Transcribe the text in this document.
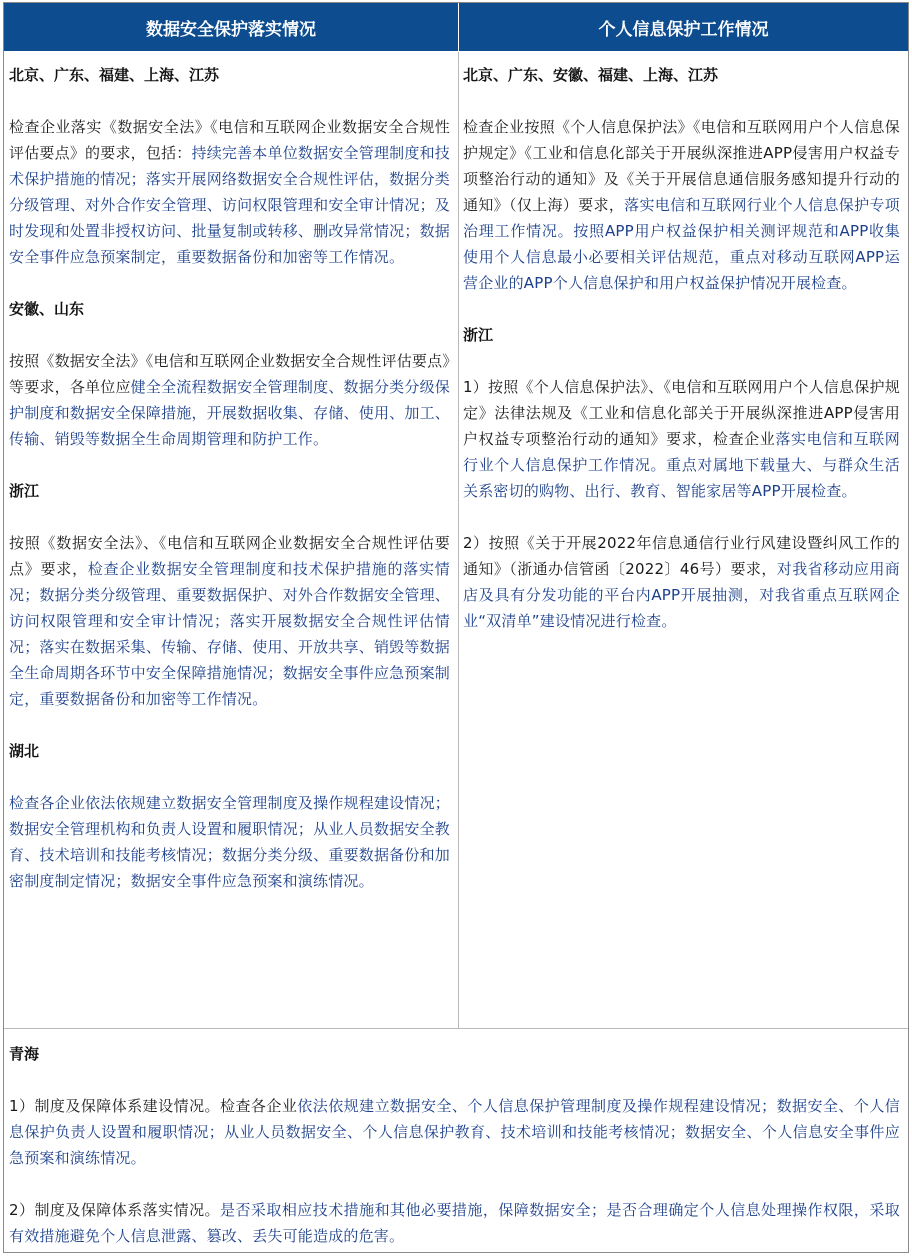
数据安全保护落实情况	个人信息保护工作情况
北京、广东、福建、上海、江苏
检查企业落实《数据安全法》《电信和互联网企业数据安全合规性评估要点》的要求，包括：持续完善本单位数据安全管理制度和技术保护措施的情况；落实开展网络数据安全合规性评估，数据分类分级管理、对外合作安全管理、访问权限管理和安全审计情况；及时发现和处置非授权访问、批量复制或转移、删改异常情况；数据安全事件应急预案制定，重要数据备份和加密等工作情况。
安徽、山东
按照《数据安全法》《电信和互联网企业数据安全合规性评估要点》等要求，各单位应健全全流程数据安全管理制度、数据分类分级保护制度和数据安全保障措施，开展数据收集、存储、使用、加工、传输、销毁等数据全生命周期管理和防护工作。
浙江
按照《数据安全法》、《电信和互联网企业数据安全合规性评估要点》要求，检查企业数据安全管理制度和技术保护措施的落实情况；数据分类分级管理、重要数据保护、对外合作数据安全管理、访问权限管理和安全审计情况；落实开展数据安全合规性评估情况；落实在数据采集、传输、存储、使用、开放共享、销毁等数据全生命周期各环节中安全保障措施情况；数据安全事件应急预案制定，重要数据备份和加密等工作情况。
湖北
检查各企业依法依规建立数据安全管理制度及操作规程建设情况；数据安全管理机构和负责人设置和履职情况；从业人员数据安全教育、技术培训和技能考核情况；数据分类分级、重要数据备份和加密制度制定情况；数据安全事件应急预案和演练情况。
北京、广东、安徽、福建、上海、江苏
检查企业按照《个人信息保护法》《电信和互联网用户个人信息保护规定》《工业和信息化部关于开展纵深推进APP侵害用户权益专项整治行动的通知》及《关于开展信息通信服务感知提升行动的通知》（仅上海）要求，落实电信和互联网行业个人信息保护专项治理工作情况。按照APP用户权益保护相关测评规范和APP收集使用个人信息最小必要相关评估规范，重点对移动互联网APP运营企业的APP个人信息保护和用户权益保护情况开展检查。
浙江
1）按照《个人信息保护法》、《电信和互联网用户个人信息保护规定》法律法规及《工业和信息化部关于开展纵深推进APP侵害用户权益专项整治行动的通知》要求，检查企业落实电信和互联网行业个人信息保护工作情况。重点对属地下载量大、与群众生活关系密切的购物、出行、教育、智能家居等APP开展检查。
2）按照《关于开展2022年信息通信行业行风建设暨纠风工作的通知》（浙通办信管函〔2022〕46号）要求，对我省移动应用商店及具有分发功能的平台内APP开展抽测，对我省重点互联网企业“双清单”建设情况进行检查。
青海
1）制度及保障体系建设情况。检查各企业依法依规建立数据安全、个人信息保护管理制度及操作规程建设情况；数据安全、个人信息保护负责人设置和履职情况；从业人员数据安全、个人信息保护教育、技术培训和技能考核情况；数据安全、个人信息安全事件应急预案和演练情况。
2）制度及保障体系落实情况。是否采取相应技术措施和其他必要措施，保障数据安全；是否合理确定个人信息处理操作权限，采取有效措施避免个人信息泄露、篡改、丢失可能造成的危害。
